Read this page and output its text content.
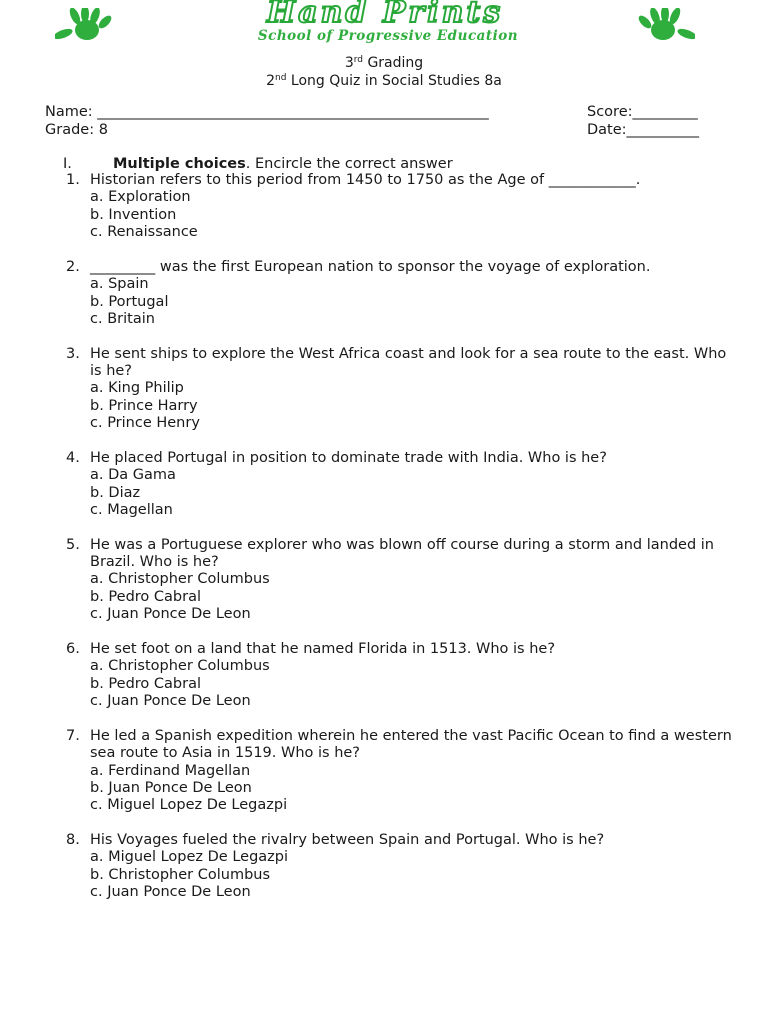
Hand Prints
School of Progressive Education
3rd Grading
2nd Long Quiz in Social Studies 8a
Name: ______________________________________________________	Score:_________
Grade: 8	Date:__________
I.	Multiple choices. Encircle the correct answer
1. Historian refers to this period from 1450 to 1750 as the Age of ____________.
a. Exploration
b. Invention
c. Renaissance
2. _________ was the first European nation to sponsor the voyage of exploration.
a. Spain
b. Portugal
c. Britain
3. He sent ships to explore the West Africa coast and look for a sea route to the east. Who is he?
a. King Philip
b. Prince Harry
c. Prince Henry
4. He placed Portugal in position to dominate trade with India. Who is he?
a. Da Gama
b. Diaz
c. Magellan
5. He was a Portuguese explorer who was blown off course during a storm and landed in Brazil. Who is he?
a. Christopher Columbus
b. Pedro Cabral
c. Juan Ponce De Leon
6. He set foot on a land that he named Florida in 1513. Who is he?
a. Christopher Columbus
b. Pedro Cabral
c. Juan Ponce De Leon
7. He led a Spanish expedition wherein he entered the vast Pacific Ocean to find a western sea route to Asia in 1519. Who is he?
a. Ferdinand Magellan
b. Juan Ponce De Leon
c. Miguel Lopez De Legazpi
8. His Voyages fueled the rivalry between Spain and Portugal. Who is he?
a. Miguel Lopez De Legazpi
b. Christopher Columbus
c. Juan Ponce De Leon
